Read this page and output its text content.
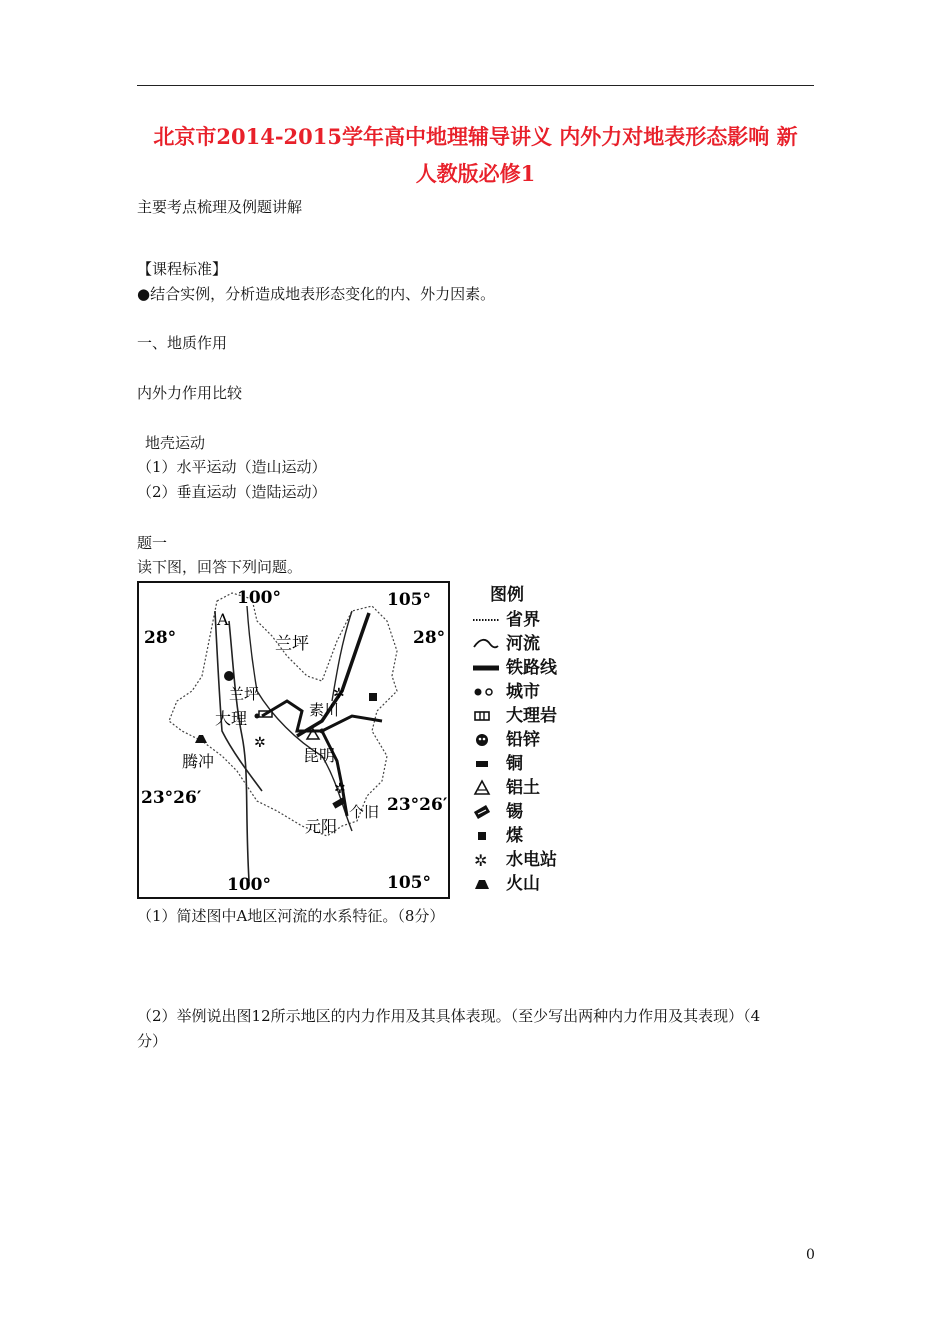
北京市2014-2015学年高中地理辅导讲义 内外力对地表形态影响 新
人教版必修1
主要考点梳理及例题讲解
【课程标准】
●结合实例，分析造成地表形态变化的内、外力因素。
一、地质作用
内外力作用比较
地壳运动
（1）水平运动（造山运动）
（2）垂直运动（造陆运动）
题一
读下图，回答下列问题。
✲
✲
✲
100°	105°
100°	105°
28°	28°
23°26′	23°26′
A
兰坪
兰坪
素川
大理
昆明
腾冲
个旧
元阳
图例
省界
河流
铁路线
城市
大理岩
铅锌
铜
铝土
锡
煤
✲ 水电站
火山
（1）简述图中A地区河流的水系特征。（8分）
（2）举例说出图12所示地区的内力作用及其具体表现。（至少写出两种内力作用及其表现）（4
分）
0
